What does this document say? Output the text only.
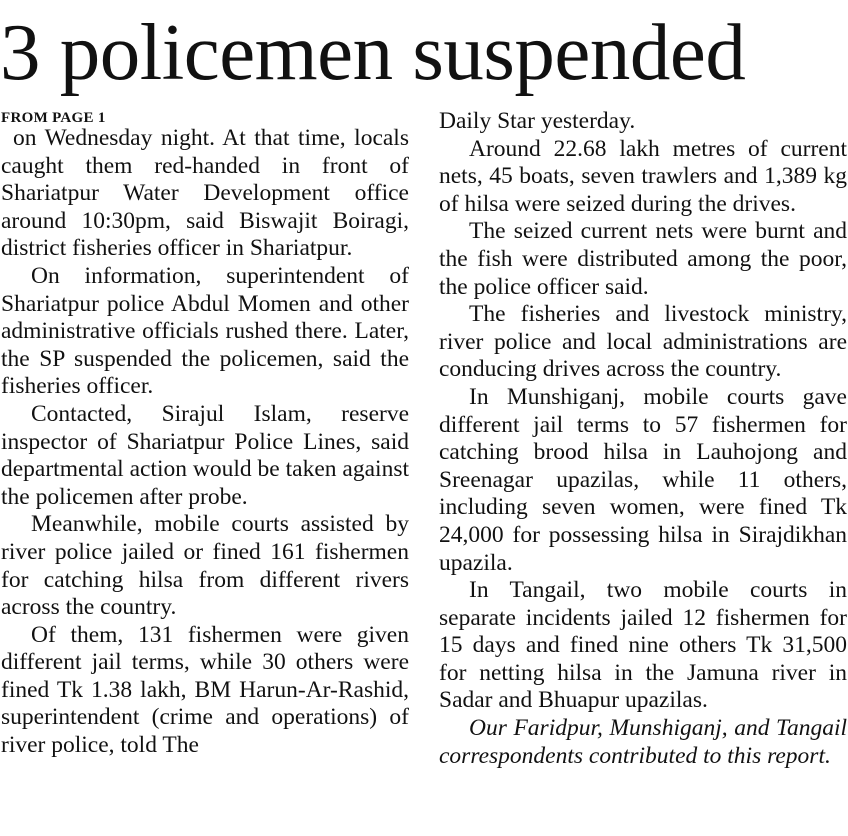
3 policemen suspended
FROM PAGE 1

on Wednesday night. At that time, locals caught them red-handed in front of Shariatpur Water Development office around 10:30pm, said Biswajit Boiragi, district fisheries officer in Shariatpur.

On information, superintendent of Shariatpur police Abdul Momen and other administrative officials rushed there. Later, the SP suspended the policemen, said the fisheries officer.

Contacted, Sirajul Islam, reserve inspector of Shariatpur Police Lines, said departmental action would be taken against the policemen after probe.

Meanwhile, mobile courts assisted by river police jailed or fined 161 fishermen for catching hilsa from different rivers across the country.

Of them, 131 fishermen were given different jail terms, while 30 others were fined Tk 1.38 lakh, BM Harun-Ar-Rashid, superintendent (crime and operations) of river police, told The

Daily Star yesterday.

Around 22.68 lakh metres of current nets, 45 boats, seven trawlers and 1,389 kg of hilsa were seized during the drives.

The seized current nets were burnt and the fish were distributed among the poor, the police officer said.

The fisheries and livestock ministry, river police and local administrations are conducing drives across the country.

In Munshiganj, mobile courts gave different jail terms to 57 fishermen for catching brood hilsa in Lauhojong and Sreenagar upazilas, while 11 others, including seven women, were fined Tk 24,000 for possessing hilsa in Sirajdikhan upazila.

In Tangail, two mobile courts in separate incidents jailed 12 fishermen for 15 days and fined nine others Tk 31,500 for netting hilsa in the Jamuna river in Sadar and Bhuapur upazilas.

Our Faridpur, Munshiganj, and Tangail correspondents contributed to this report.
